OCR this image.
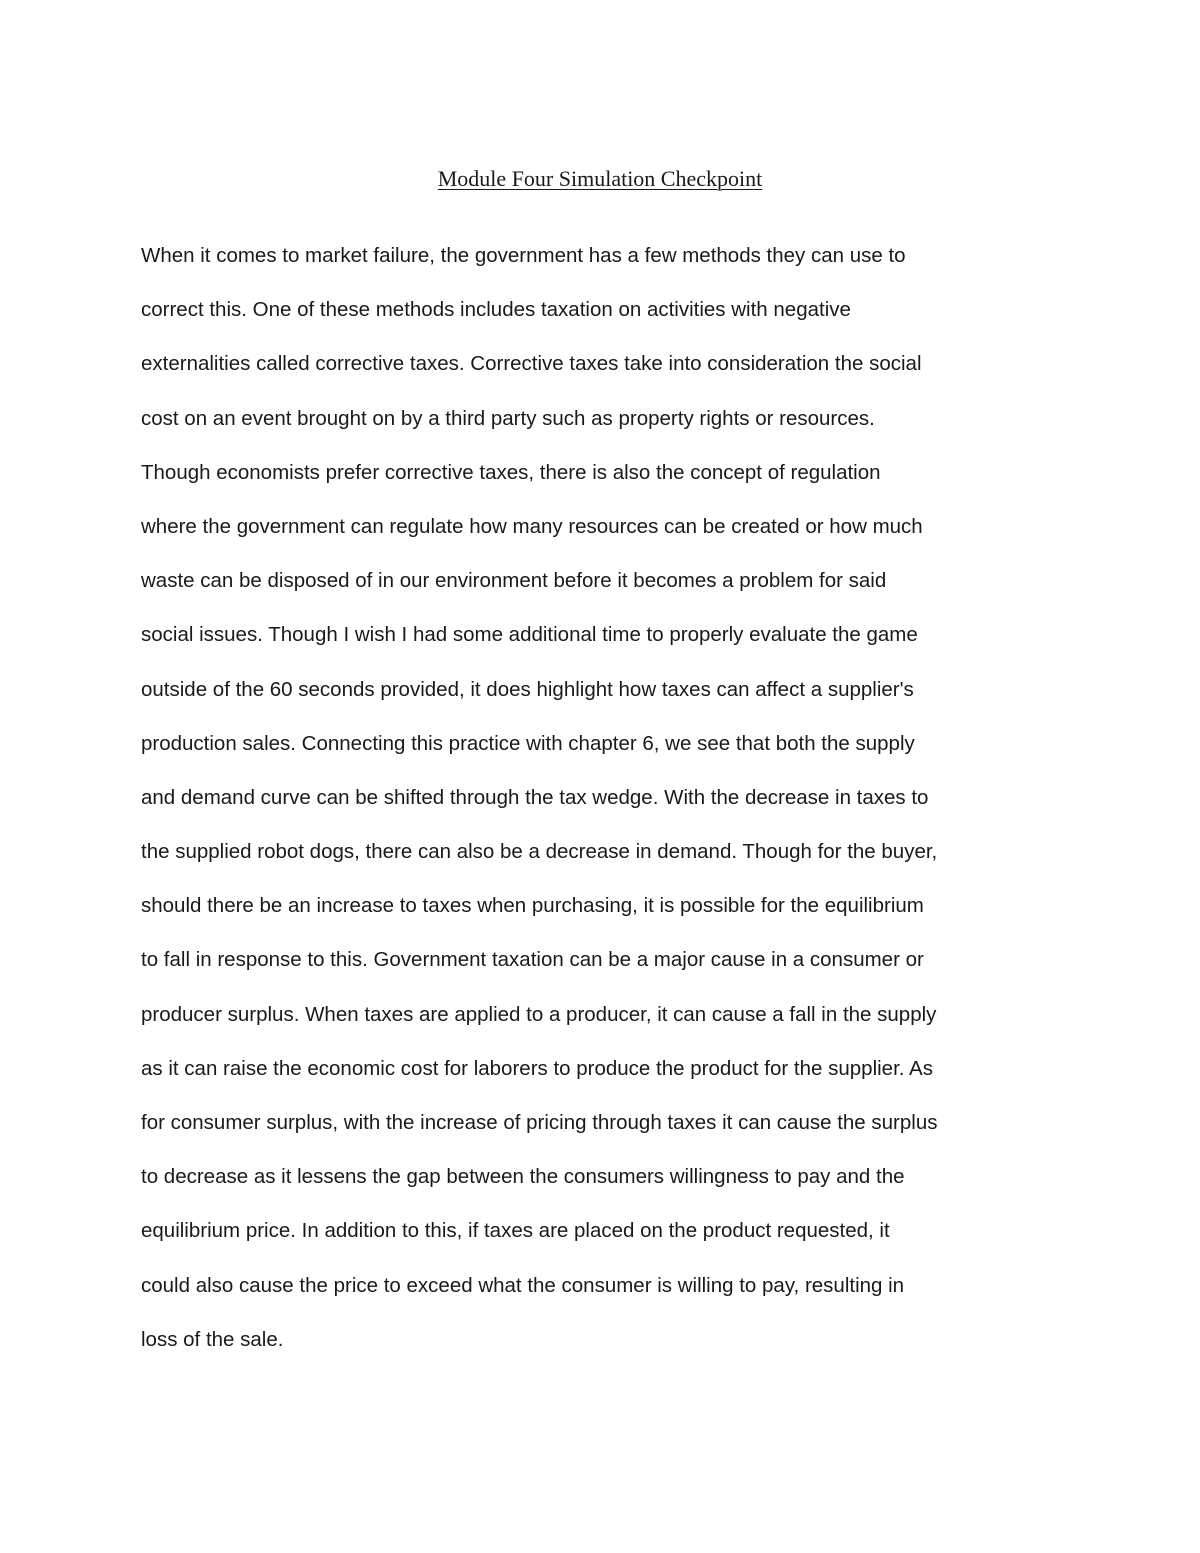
Module Four Simulation Checkpoint
When it comes to market failure, the government has a few methods they can use to
correct this. One of these methods includes taxation on activities with negative
externalities called corrective taxes. Corrective taxes take into consideration the social
cost on an event brought on by a third party such as property rights or resources.
Though economists prefer corrective taxes, there is also the concept of regulation
where the government can regulate how many resources can be created or how much
waste can be disposed of in our environment before it becomes a problem for said
social issues. Though I wish I had some additional time to properly evaluate the game
outside of the 60 seconds provided, it does highlight how taxes can affect a supplier's
production sales. Connecting this practice with chapter 6, we see that both the supply
and demand curve can be shifted through the tax wedge. With the decrease in taxes to
the supplied robot dogs, there can also be a decrease in demand. Though for the buyer,
should there be an increase to taxes when purchasing, it is possible for the equilibrium
to fall in response to this. Government taxation can be a major cause in a consumer or
producer surplus. When taxes are applied to a producer, it can cause a fall in the supply
as it can raise the economic cost for laborers to produce the product for the supplier. As
for consumer surplus, with the increase of pricing through taxes it can cause the surplus
to decrease as it lessens the gap between the consumers willingness to pay and the
equilibrium price. In addition to this, if taxes are placed on the product requested, it
could also cause the price to exceed what the consumer is willing to pay, resulting in
loss of the sale.
